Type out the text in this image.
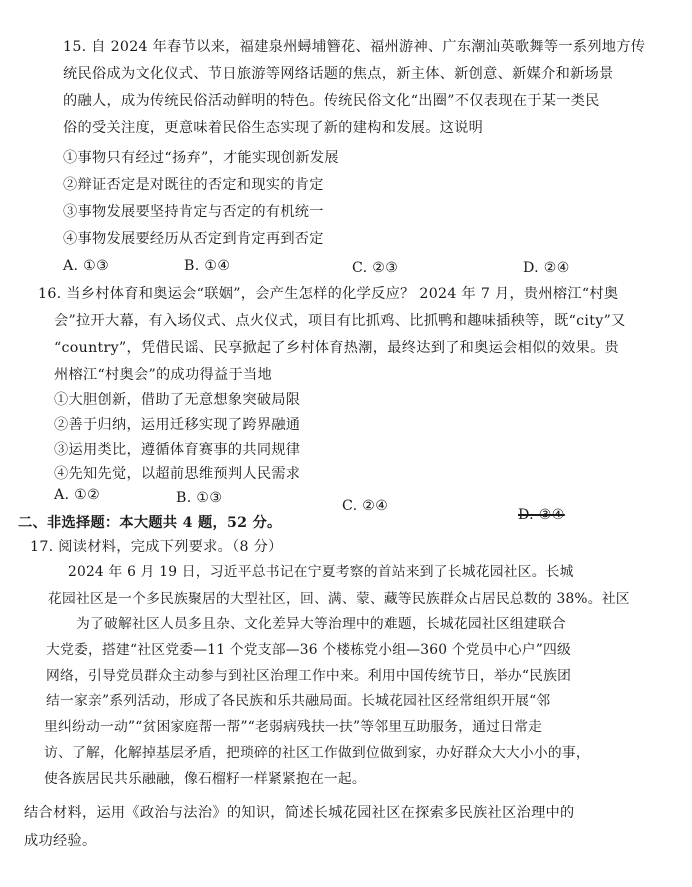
15. 自 2024 年春节以来，福建泉州蟳埔簪花、福州游神、广东潮汕英歌舞等一系列地方传
统民俗成为文化仪式、节日旅游等网络话题的焦点，新主体、新创意、新媒介和新场景
的融人，成为传统民俗活动鲜明的特色。传统民俗文化“出圈”不仅表现在于某一类民
俗的受关注度，更意味着民俗生态实现了新的建构和发展。这说明
①事物只有经过“扬弃”，才能实现创新发展
②辩证否定是对既往的否定和现实的肯定
③事物发展要坚持肯定与否定的有机统一
④事物发展要经历从否定到肯定再到否定
A. ①③	B. ①④	C. ②③	D. ②④
16. 当乡村体育和奥运会“联姻”，会产生怎样的化学反应？ 2024 年 7 月，贵州榕江“村奥
会”拉开大幕，有入场仪式、点火仪式，项目有比抓鸡、比抓鸭和趣味插秧等，既“city”又
“country”，凭借民谣、民享掀起了乡村体育热潮，最终达到了和奥运会相似的效果。贵
州榕江“村奥会”的成功得益于当地
①大胆创新，借助了无意想象突破局限
②善于归纳，运用迁移实现了跨界融通
③运用类比，遵循体育赛事的共同规律
④先知先觉，以超前思维预判人民需求
A. ①②	B. ①③	C. ②④
D. ③④
二、非选择题：本大题共 4 题，52 分。
17. 阅读材料，完成下列要求。（8 分）
2024 年 6 月 19 日，习近平总书记在宁夏考察的首站来到了长城花园社区。长城
花园社区是一个多民族聚居的大型社区，回、满、蒙、藏等民族群众占居民总数的 38%。社区
为了破解社区人员多且杂、文化差异大等治理中的难题，长城花园社区组建联合
大党委，搭建“社区党委—11 个党支部—36 个楼栋党小组—360 个党员中心户”四级
网络，引导党员群众主动参与到社区治理工作中来。利用中国传统节日，举办“民族团
结一家亲”系列活动，形成了各民族和乐共融局面。长城花园社区经常组织开展“邻
里纠纷动一动”“贫困家庭帮一帮”“老弱病残扶一扶”等邻里互助服务，通过日常走
访、了解，化解掉基层矛盾，把琐碎的社区工作做到位做到家，办好群众大大小小的事，
使各族居民共乐融融，像石榴籽一样紧紧抱在一起。
结合材料，运用《政治与法治》的知识，简述长城花园社区在探索多民族社区治理中的
成功经验。
